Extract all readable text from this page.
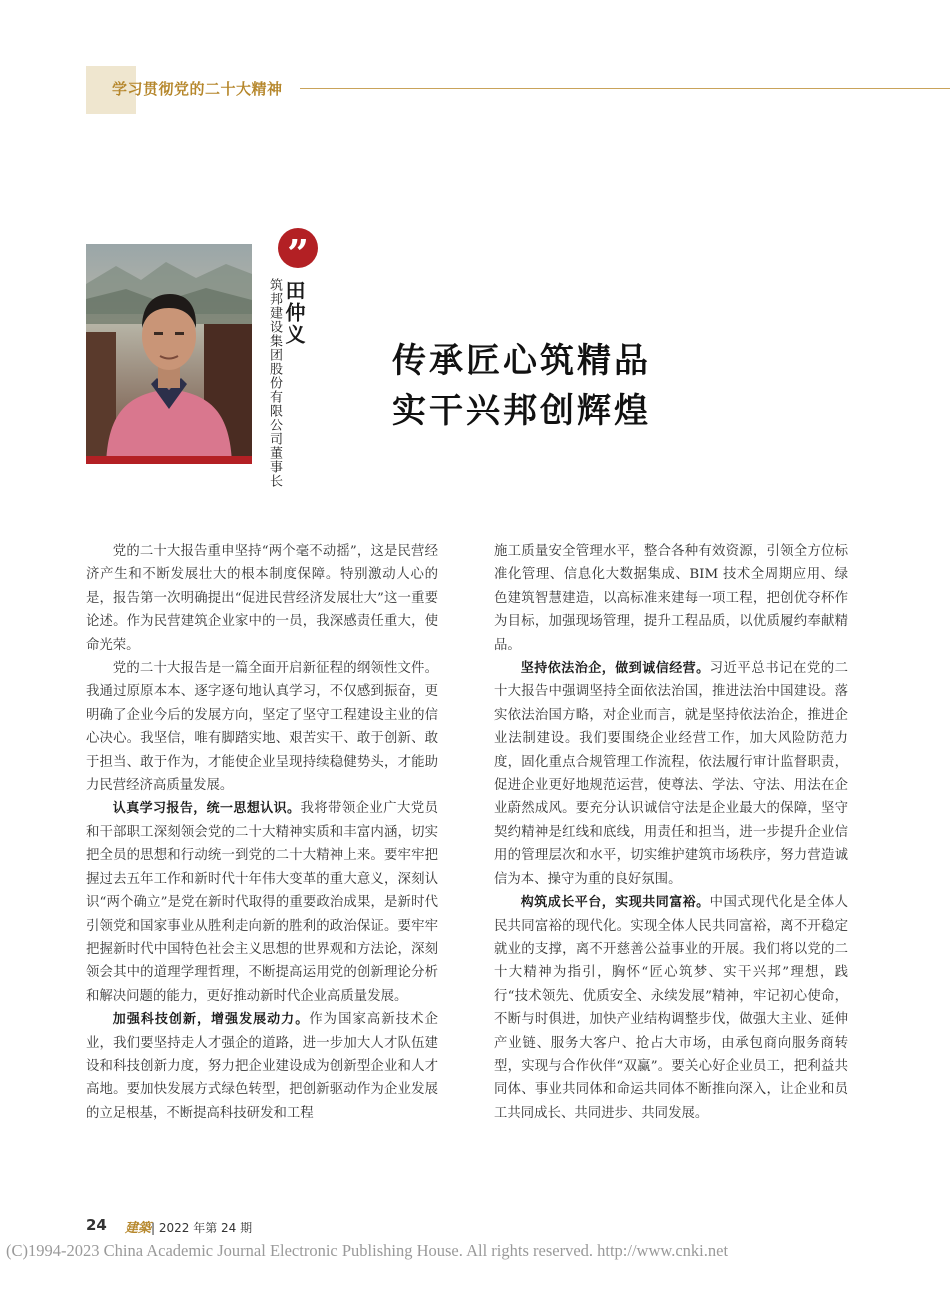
学习贯彻党的二十大精神
”
田仲义
筑邦建设集团股份有限公司董事长	传承匠心筑精品
实干兴邦创辉煌

党的二十大报告重申坚持“两个毫不动摇”，这是民营经济产生和不断发展壮大的根本制度保障。特别激动人心的是，报告第一次明确提出“促进民营经济发展壮大”这一重要论述。作为民营建筑企业家中的一员，我深感责任重大，使命光荣。

党的二十大报告是一篇全面开启新征程的纲领性文件。我通过原原本本、逐字逐句地认真学习，不仅感到振奋，更明确了企业今后的发展方向，坚定了坚守工程建设主业的信心决心。我坚信，唯有脚踏实地、艰苦实干、敢于创新、敢于担当、敢于作为，才能使企业呈现持续稳健势头，才能助力民营经济高质量发展。

认真学习报告，统一思想认识。我将带领企业广大党员和干部职工深刻领会党的二十大精神实质和丰富内涵，切实把全员的思想和行动统一到党的二十大精神上来。要牢牢把握过去五年工作和新时代十年伟大变革的重大意义，深刻认识“两个确立”是党在新时代取得的重要政治成果，是新时代引领党和国家事业从胜利走向新的胜利的政治保证。要牢牢把握新时代中国特色社会主义思想的世界观和方法论，深刻领会其中的道理学理哲理，不断提高运用党的创新理论分析和解决问题的能力，更好推动新时代企业高质量发展。

加强科技创新，增强发展动力。作为国家高新技术企业，我们要坚持走人才强企的道路，进一步加大人才队伍建设和科技创新力度，努力把企业建设成为创新型企业和人才高地。要加快发展方式绿色转型，把创新驱动作为企业发展的立足根基，不断提高科技研发和工程

施工质量安全管理水平，整合各种有效资源，引领全方位标准化管理、信息化大数据集成、BIM 技术全周期应用、绿色建筑智慧建造，以高标准来建每一项工程，把创优夺杯作为目标，加强现场管理，提升工程品质，以优质履约奉献精品。

坚持依法治企，做到诚信经营。习近平总书记在党的二十大报告中强调坚持全面依法治国，推进法治中国建设。落实依法治国方略，对企业而言，就是坚持依法治企，推进企业法制建设。我们要围绕企业经营工作，加大风险防范力度，固化重点合规管理工作流程，依法履行审计监督职责，促进企业更好地规范运营，使尊法、学法、守法、用法在企业蔚然成风。要充分认识诚信守法是企业最大的保障，坚守契约精神是红线和底线，用责任和担当，进一步提升企业信用的管理层次和水平，切实维护建筑市场秩序，努力营造诚信为本、操守为重的良好氛围。

构筑成长平台，实现共同富裕。中国式现代化是全体人民共同富裕的现代化。实现全体人民共同富裕，离不开稳定就业的支撑，离不开慈善公益事业的开展。我们将以党的二十大精神为指引，胸怀“匠心筑梦、实干兴邦”理想，践行“技术领先、优质安全、永续发展”精神，牢记初心使命，不断与时俱进，加快产业结构调整步伐，做强大主业、延伸产业链、服务大客户、抢占大市场，由承包商向服务商转型，实现与合作伙伴“双赢”。要关心好企业员工，把利益共同体、事业共同体和命运共同体不断推向深入，让企业和员工共同成长、共同进步、共同发展。

24 建築| 2022 年第 24 期
(C)1994-2023 China Academic Journal Electronic Publishing House. All rights reserved. http://www.cnki.net
